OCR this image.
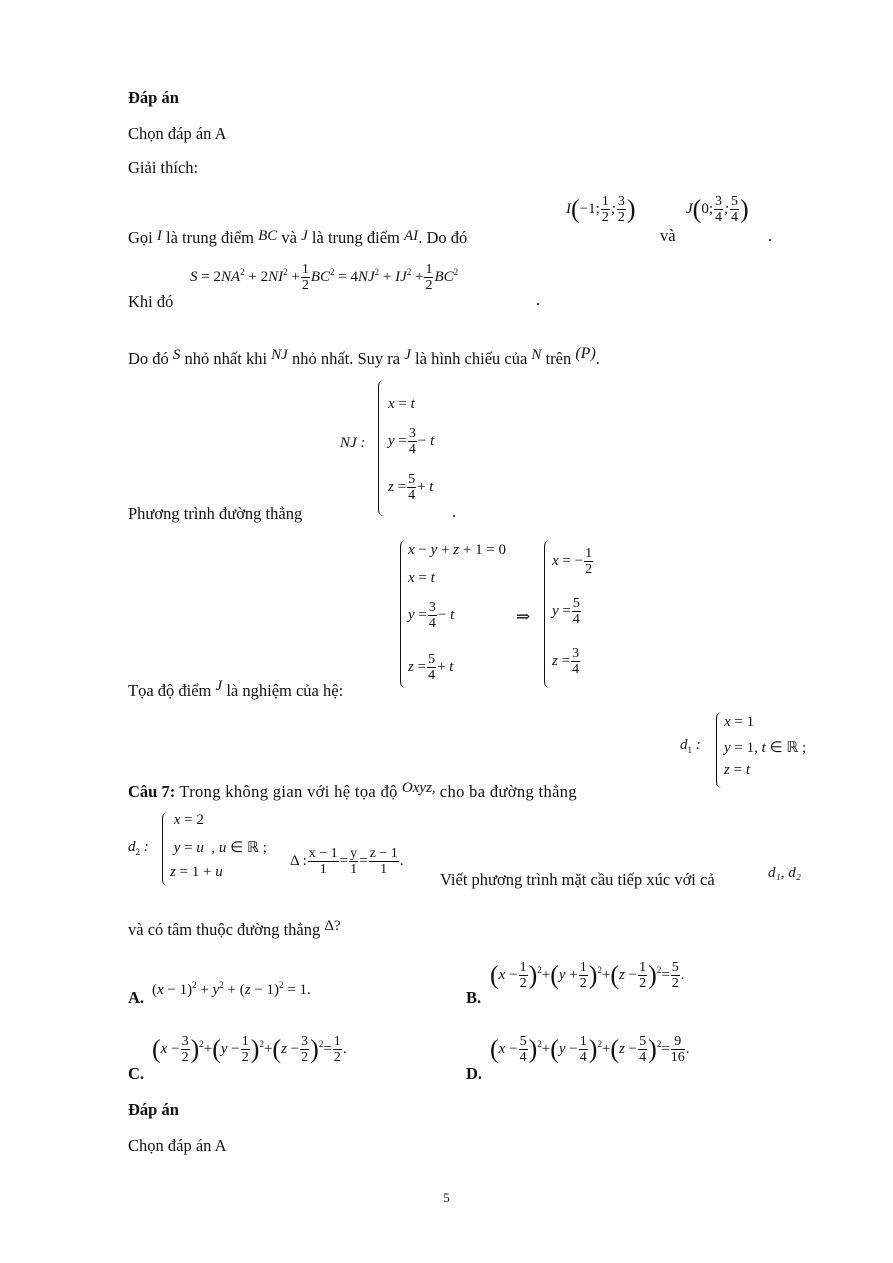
Đáp án
Chọn đáp án A
Giải thích:
Gọi I là trung điểm BC và J là trung điểm AI. Do đó
I(−1; $\frac{1}{2}$ ; $\frac{3}{2}$ )
và
J(0; $\frac{3}{4}$ ; $\frac{5}{4}$ )
.
Khi đó
$S = 2NA^2 + 2NI^2 + \frac{1}{2} BC^2 = 4NJ^2 + IJ^2 + \frac{1}{2} BC^2$
.
Do đó S nhỏ nhất khi NJ nhỏ nhất. Suy ra J là hình chiếu của N trên (P).
NJ :
x = t
$y = \frac{3}{4} - t$
$z = \frac{5}{4} + t$
Phương trình đường thẳng	.
x − y + z + 1 = 0
x = t
$y = \frac{3}{4} - t$
$z = \frac{5}{4} + t$
⇒
x = − $\frac{1}{2}$
$y = \frac{5}{4}$
$z = \frac{3}{4}$
Tọa độ điểm J là nghiệm của hệ:
$d_1$ :
x = 1
y = 1, t ∈ ℝ ;
z = t
Câu 7: Trong không gian với hệ tọa độ Oxyz, cho ba đường thẳng
$d_2$ :
x = 2
y = u  , u ∈ ℝ ;
z = 1 + u
Δ : $\frac{x - 1}{1} = \frac{y}{1} = \frac{z - 1}{1}$ .
Viết phương trình mặt cầu tiếp xúc với cả	d₁, d₂
và có tâm thuộc đường thẳng Δ?
A. $(x - 1)^2 + y^2 + (z - 1)^2 = 1$.	B.
$(x - \frac{1}{2} )^2+(y + \frac{1}{2} )^2+(z - \frac{1}{2} )^2= \frac{5}{2}$ .
C.
$(x - \frac{3}{2} )^2+(y - \frac{1}{2} )^2+(z - \frac{3}{2} )^2= \frac{1}{2}$ .
D.
$(x - \frac{5}{4} )^2+(y - \frac{1}{4} )^2+(z - \frac{5}{4} )^2= \frac{9}{16}$ .
Đáp án
Chọn đáp án A
5
